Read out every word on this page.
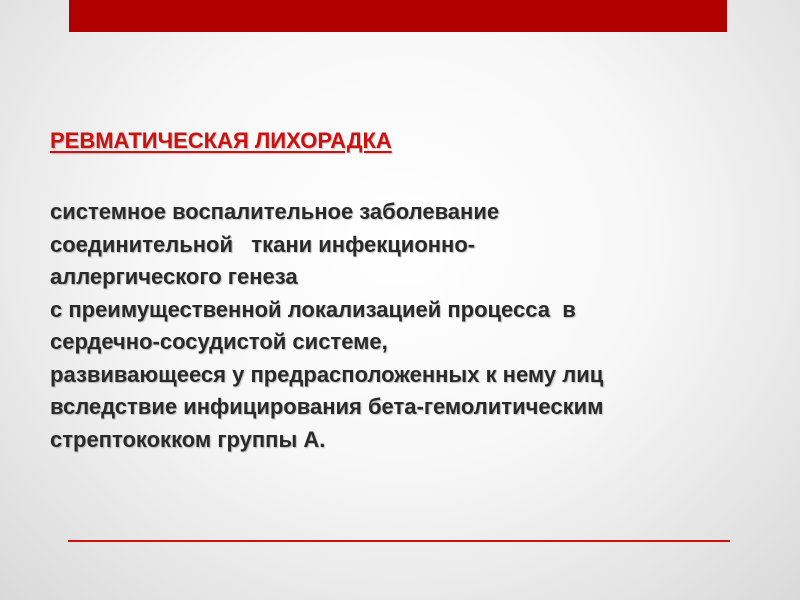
РЕВМАТИЧЕСКАЯ ЛИХОРАДКА
системное воспалительное заболевание
соединительной   ткани инфекционно-
аллергического генеза
с преимущественной локализацией процесса  в
сердечно-сосудистой системе,
развивающееся у предрасположенных к нему лиц
вследствие инфицирования бета-гемолитическим
стрептококком группы А.
